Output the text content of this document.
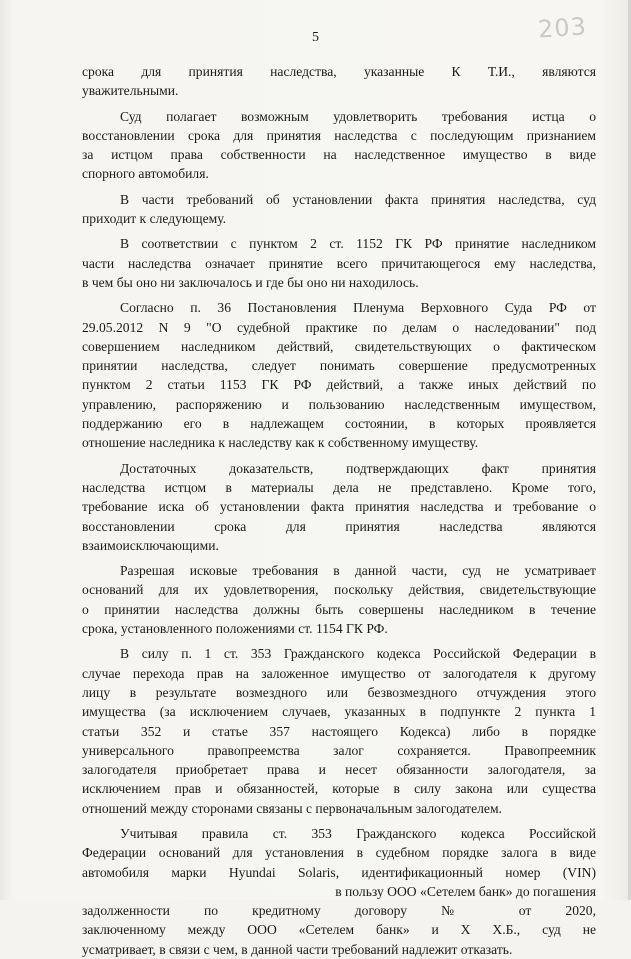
5	203
срока для принятия наследства, указанные К Т.И., являются
уважительными.
Суд полагает возможным удовлетворить требования истца о
восстановлении срока для принятия наследства с последующим признанием
за истцом права собственности на наследственное имущество в виде
спорного автомобиля.
В части требований об установлении факта принятия наследства, суд
приходит к следующему.
В соответствии с пунктом 2 ст. 1152 ГК РФ принятие наследником
части наследства означает принятие всего причитающегося ему наследства,
в чем бы оно ни заключалось и где бы оно ни находилось.
Согласно п. 36 Постановления Пленума Верховного Суда РФ от
29.05.2012 N 9 "О судебной практике по делам о наследовании" под
совершением наследником действий, свидетельствующих о фактическом
принятии наследства, следует понимать совершение предусмотренных
пунктом 2 статьи 1153 ГК РФ действий, а также иных действий по
управлению, распоряжению и пользованию наследственным имуществом,
поддержанию его в надлежащем состоянии, в которых проявляется
отношение наследника к наследству как к собственному имуществу.
Достаточных доказательств, подтверждающих факт принятия
наследства истцом в материалы дела не представлено. Кроме того,
требование иска об установлении факта принятия наследства и требование о
восстановлении срока для принятия наследства являются
взаимоисключающими.
Разрешая исковые требования в данной части, суд не усматривает
оснований для их удовлетворения, поскольку действия, свидетельствующие
о принятии наследства должны быть совершены наследником в течение
срока, установленного положениями ст. 1154 ГК РФ.
В силу п. 1 ст. 353 Гражданского кодекса Российской Федерации в
случае перехода прав на заложенное имущество от залогодателя к другому
лицу в результате возмездного или безвозмездного отчуждения этого
имущества (за исключением случаев, указанных в подпункте 2 пункта 1
статьи 352 и статье 357 настоящего Кодекса) либо в порядке
универсального правопреемства залог сохраняется. Правопреемник
залогодателя приобретает права и несет обязанности залогодателя, за
исключением прав и обязанностей, которые в силу закона или существа
отношений между сторонами связаны с первоначальным залогодателем.
Учитывая правила ст. 353 Гражданского кодекса Российской
Федерации оснований для установления в судебном порядке залога в виде
автомобиля марки Hyundai Solaris, идентификационный номер (VIN)
в пользу ООО «Сетелем банк» до погашения
задолженности по кредитному договору № от 2020,
заключенному между ООО «Сетелем банк» и Х Х.Б., суд не
усматривает, в связи с чем, в данной части требований надлежит отказать.
